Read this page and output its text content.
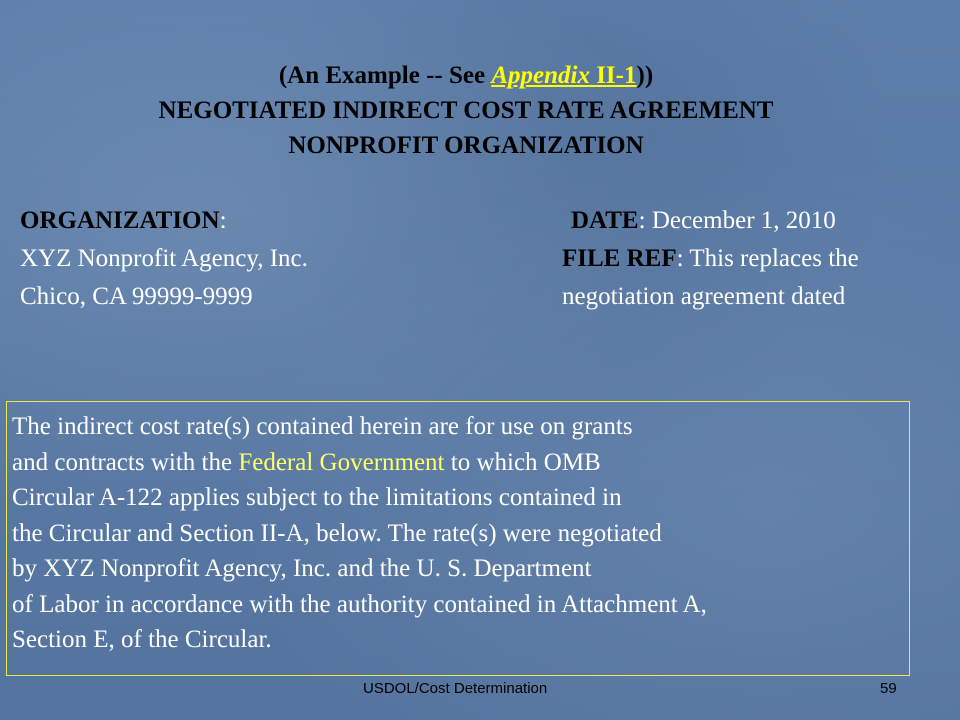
(An Example -- See Appendix II-1))
NEGOTIATED INDIRECT COST RATE AGREEMENT
NONPROFIT ORGANIZATION
ORGANIZATION:
XYZ Nonprofit Agency, Inc.
Chico, CA 99999-9999
DATE: December 1, 2010
FILE REF: This replaces the
negotiation agreement dated
The indirect cost rate(s) contained herein are for use on grants
and contracts with the Federal Government to which OMB
Circular A-122 applies subject to the limitations contained in
the Circular and Section II-A, below. The rate(s) were negotiated
by XYZ Nonprofit Agency, Inc. and the U. S. Department
of Labor in accordance with the authority contained in Attachment A,
Section E, of the Circular.
USDOL/Cost Determination	59
